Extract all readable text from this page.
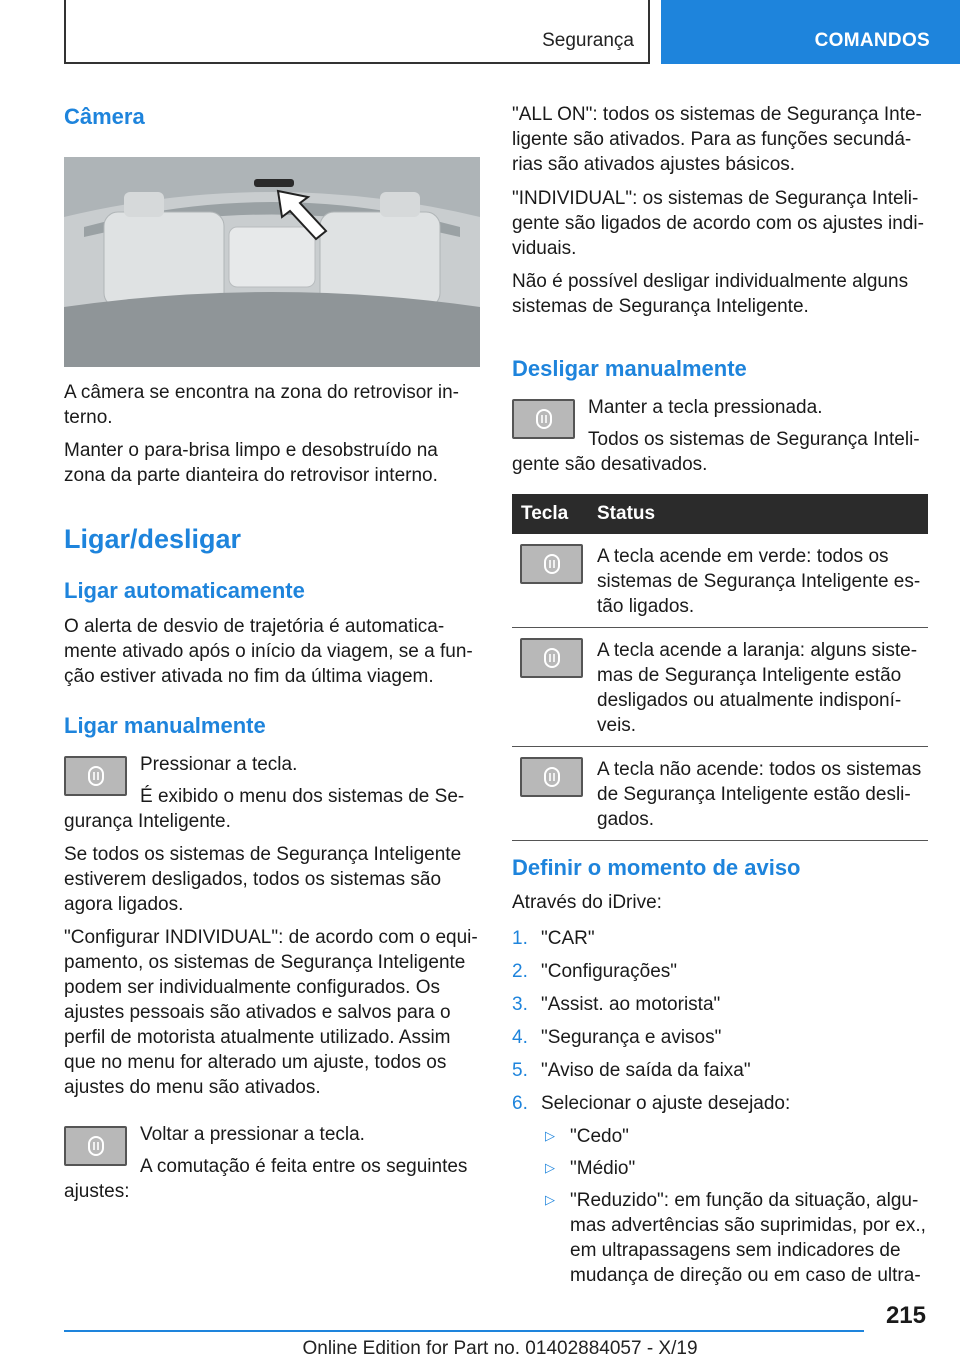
Segurança	COMANDOS
Câmera

A câmera se encontra na zona do retrovisor in-terno.

Manter o para-brisa limpo e desobstruído na zona da parte dianteira do retrovisor interno.

Ligar/desligar
Ligar automaticamente

O alerta de desvio de trajetória é automatica-mente ativado após o início da viagem, se a fun-ção estiver ativada no fim da última viagem.

Ligar manualmente

Pressionar a tecla.

É exibido o menu dos sistemas de Se-gurança Inteligente.

Se todos os sistemas de Segurança Inteligente estiverem desligados, todos os sistemas são agora ligados.

"Configurar INDIVIDUAL": de acordo com o equi-pamento, os sistemas de Segurança Inteligente podem ser individualmente configurados. Os ajustes pessoais são ativados e salvos para o perfil de motorista atualmente utilizado. Assim que no menu for alterado um ajuste, todos os ajustes do menu são ativados.

Voltar a pressionar a tecla.

A comutação é feita entre os seguintes ajustes:

"ALL ON": todos os sistemas de Segurança Inte-ligente são ativados. Para as funções secundá-rias são ativados ajustes básicos.

"INDIVIDUAL": os sistemas de Segurança Inteli-gente são ligados de acordo com os ajustes indi-viduais.

Não é possível desligar individualmente alguns sistemas de Segurança Inteligente.

Desligar manualmente

Manter a tecla pressionada.

Todos os sistemas de Segurança Inteli-gente são desativados.

Tecla	Status

	A tecla acende em verde: todos os sistemas de Segurança Inteligente es-tão ligados.

	A tecla acende a laranja: alguns siste-mas de Segurança Inteligente estão desligados ou atualmente indisponí-veis.

	A tecla não acende: todos os sistemas de Segurança Inteligente estão desli-gados.
Definir o momento de aviso

Através do iDrive:

1. "CAR"
2. "Configurações"
3. "Assist. ao motorista"
4. "Segurança e avisos"
5. "Aviso de saída da faixa"
6. Selecionar o ajuste desejado:
▷ "Cedo"
▷ "Médio"
▷ "Reduzido": em função da situação, algu-mas advertências são suprimidas, por ex., em ultrapassagens sem indicadores de mudança de direção ou em caso de ultra-
215
Online Edition for Part no. 01402884057 - X/19
